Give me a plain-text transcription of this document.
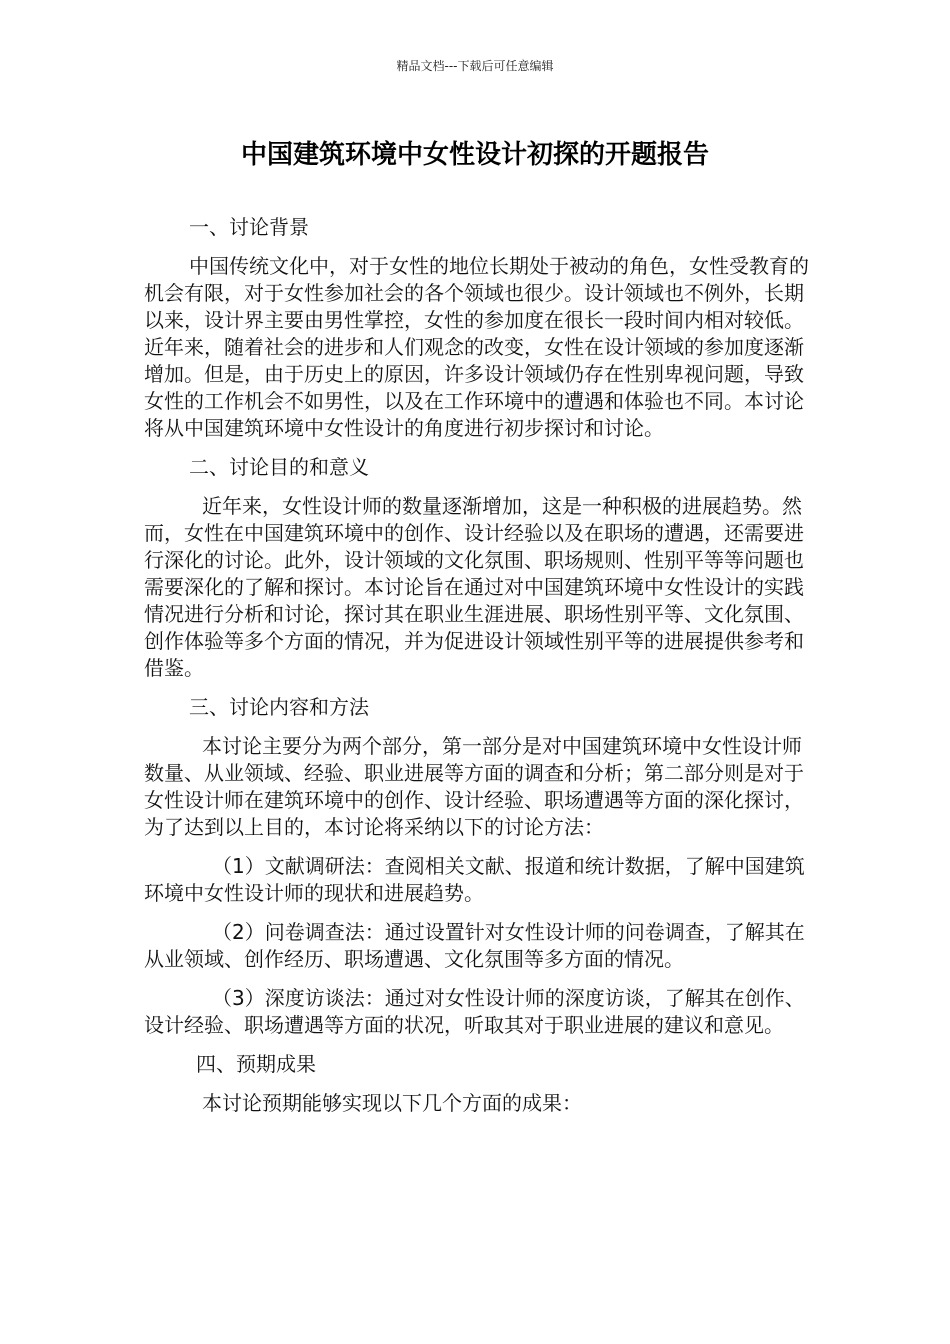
精品文档---下载后可任意编辑
中国建筑环境中女性设计初探的开题报告
一、讨论背景

中国传统文化中，对于女性的地位长期处于被动的角色，女性受教育的机会有限，对于女性参加社会的各个领域也很少。设计领域也不例外，长期以来，设计界主要由男性掌控，女性的参加度在很长一段时间内相对较低。近年来，随着社会的进步和人们观念的改变，女性在设计领域的参加度逐渐增加。但是，由于历史上的原因，许多设计领域仍存在性别卑视问题，导致女性的工作机会不如男性，以及在工作环境中的遭遇和体验也不同。本讨论将从中国建筑环境中女性设计的角度进行初步探讨和讨论。

二、讨论目的和意义

近年来，女性设计师的数量逐渐增加，这是一种积极的进展趋势。然而，女性在中国建筑环境中的创作、设计经验以及在职场的遭遇，还需要进行深化的讨论。此外，设计领域的文化氛围、职场规则、性别平等等问题也需要深化的了解和探讨。本讨论旨在通过对中国建筑环境中女性设计的实践情况进行分析和讨论，探讨其在职业生涯进展、职场性别平等、文化氛围、创作体验等多个方面的情况，并为促进设计领域性别平等的进展提供参考和借鉴。

三、讨论内容和方法

本讨论主要分为两个部分，第一部分是对中国建筑环境中女性设计师数量、从业领域、经验、职业进展等方面的调查和分析；第二部分则是对于女性设计师在建筑环境中的创作、设计经验、职场遭遇等方面的深化探讨，为了达到以上目的，本讨论将采纳以下的讨论方法：

（1）文献调研法：查阅相关文献、报道和统计数据，了解中国建筑环境中女性设计师的现状和进展趋势。

（2）问卷调查法：通过设置针对女性设计师的问卷调查，了解其在从业领域、创作经历、职场遭遇、文化氛围等多方面的情况。

（3）深度访谈法：通过对女性设计师的深度访谈，了解其在创作、设计经验、职场遭遇等方面的状况，听取其对于职业进展的建议和意见。

四、预期成果

本讨论预期能够实现以下几个方面的成果：
